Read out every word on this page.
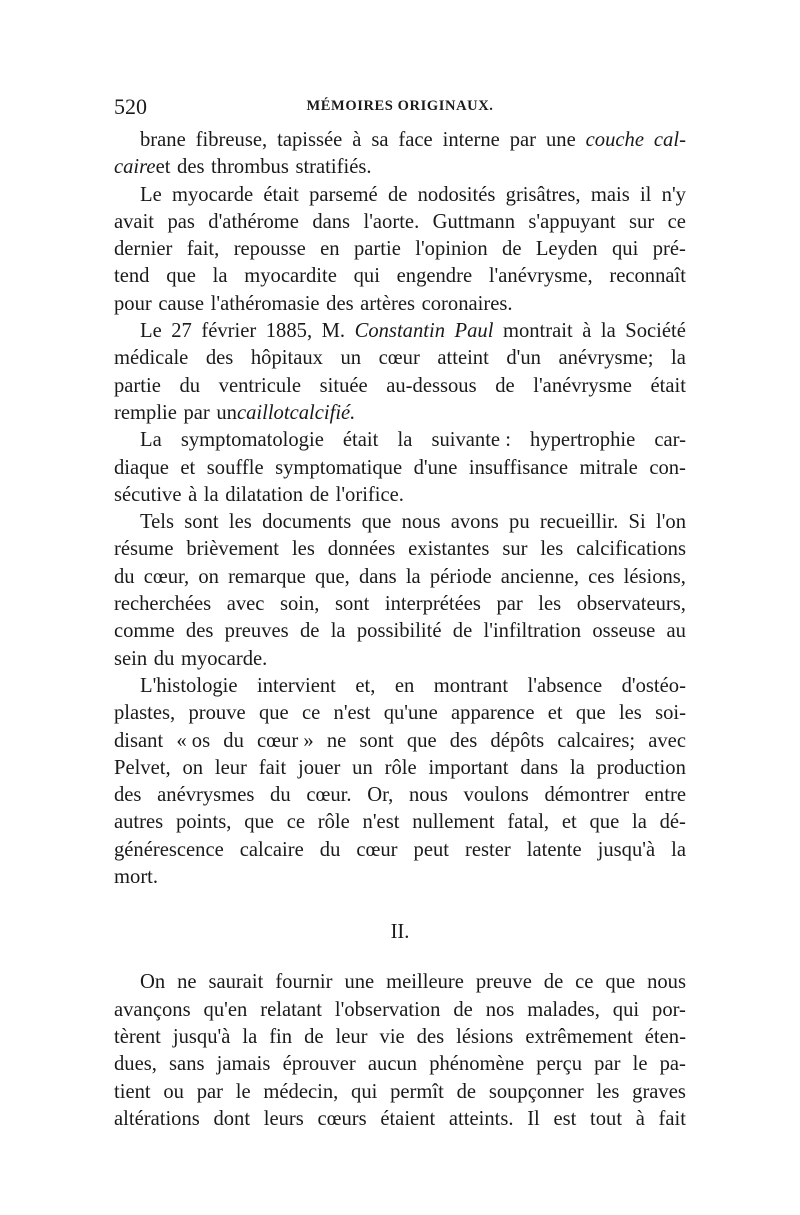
520	MÉMOIRES ORIGINAUX.
brane fibreuse, tapissée à sa face interne par une couche cal-
caire et des thrombus stratifiés.
Le myocarde était parsemé de nodosités grisâtres, mais il n'y
avait pas d'athérome dans l'aorte. Guttmann s'appuyant sur ce
dernier fait, repousse en partie l'opinion de Leyden qui pré-
tend que la myocardite qui engendre l'anévrysme, reconnaît
pour cause l'athéromasie des artères coronaires.
Le 27 février 1885, M. Constantin Paul montrait à la Société
médicale des hôpitaux un cœur atteint d'un anévrysme; la
partie du ventricule située au-dessous de l'anévrysme était
remplie par un caillot calcifié.
La symptomatologie était la suivante : hypertrophie car-
diaque et souffle symptomatique d'une insuffisance mitrale con-
sécutive à la dilatation de l'orifice.
Tels sont les documents que nous avons pu recueillir. Si l'on
résume brièvement les données existantes sur les calcifications
du cœur, on remarque que, dans la période ancienne, ces lésions,
recherchées avec soin, sont interprétées par les observateurs,
comme des preuves de la possibilité de l'infiltration osseuse au
sein du myocarde.
L'histologie intervient et, en montrant l'absence d'ostéo-
plastes, prouve que ce n'est qu'une apparence et que les soi-
disant « os du cœur » ne sont que des dépôts calcaires; avec
Pelvet, on leur fait jouer un rôle important dans la production
des anévrysmes du cœur. Or, nous voulons démontrer entre
autres points, que ce rôle n'est nullement fatal, et que la dé-
générescence calcaire du cœur peut rester latente jusqu'à la
mort.
II.
On ne saurait fournir une meilleure preuve de ce que nous
avançons qu'en relatant l'observation de nos malades, qui por-
tèrent jusqu'à la fin de leur vie des lésions extrêmement éten-
dues, sans jamais éprouver aucun phénomène perçu par le pa-
tient ou par le médecin, qui permît de soupçonner les graves
altérations dont leurs cœurs étaient atteints. Il est tout à fait
